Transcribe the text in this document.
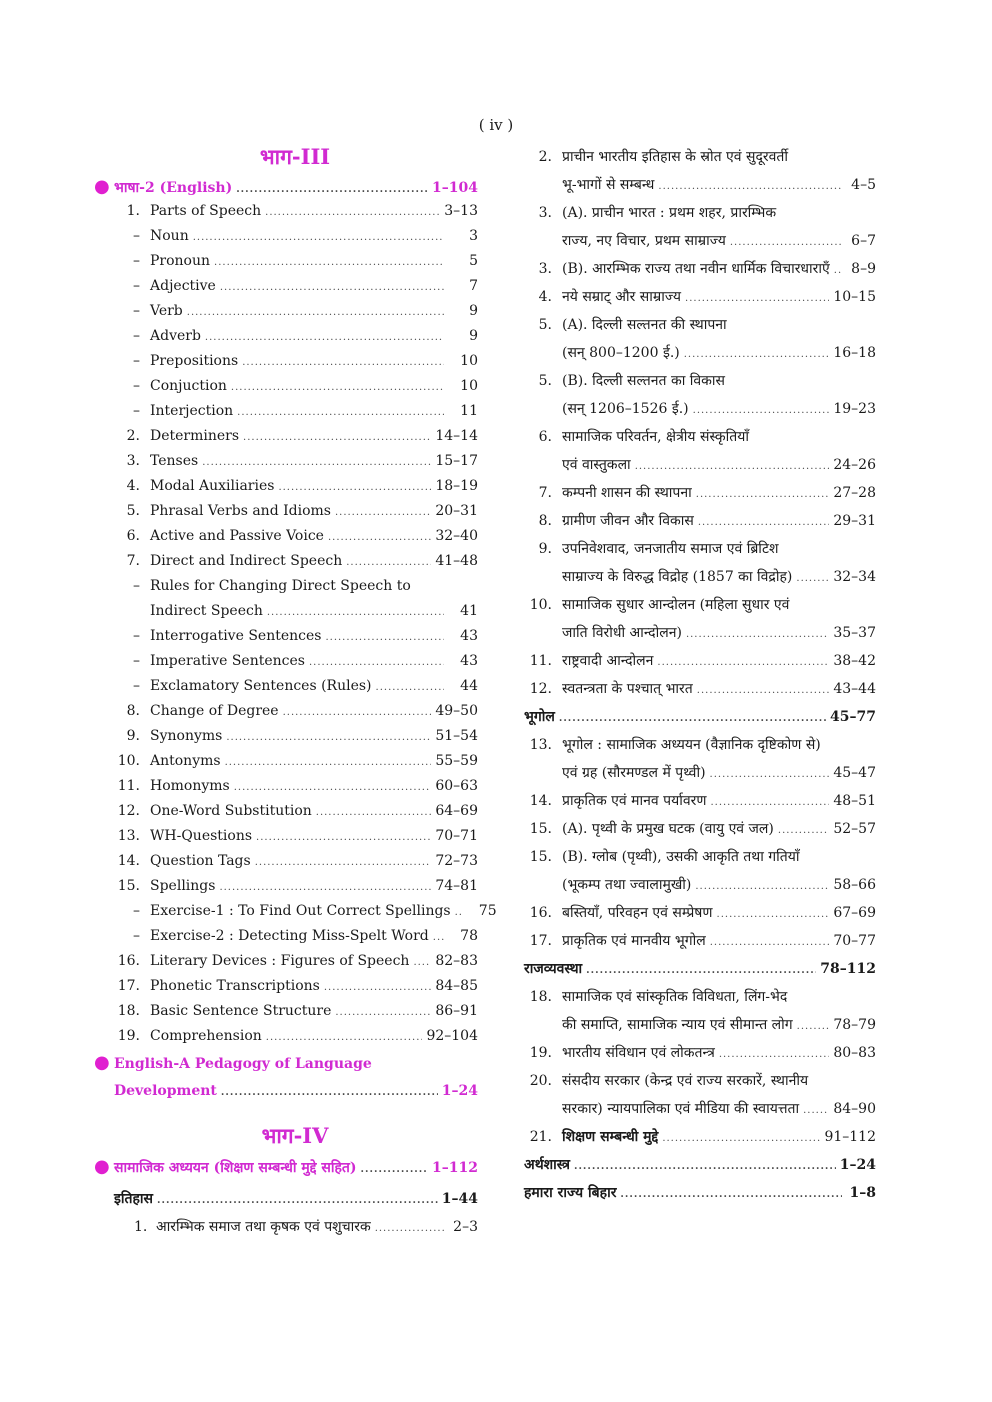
( iv )
भाग-III
● भाषा-2 (English) .....	1–104
1. Parts of Speech .....	3–13
– Noun .....	3
– Pronoun .....	5
– Adjective .....	7
– Verb .....	9
– Adverb .....	9
– Prepositions .....	10
– Conjuction .....	10
– Interjection .....	11
2. Determiners .....	14–14
3. Tenses .....	15–17
4. Modal Auxiliaries .....	18–19
5. Phrasal Verbs and Idioms .....	20–31
6. Active and Passive Voice .....	32–40
7. Direct and Indirect Speech .....	41–48
– Rules for Changing Direct Speech to
Indirect Speech .....	41
– Interrogative Sentences .....	43
– Imperative Sentences .....	43
– Exclamatory Sentences (Rules) .....	44
8. Change of Degree .....	49–50
9. Synonyms .....	51–54
10. Antonyms .....	55–59
11. Homonyms .....	60–63
12. One-Word Substitution .....	64–69
13. WH-Questions .....	70–71
14. Question Tags .....	72–73
15. Spellings .....	74–81
– Exercise-1 : To Find Out Correct Spellings .....	75
– Exercise-2 : Detecting Miss-Spelt Word .....	78
16. Literary Devices : Figures of Speech ..... 82–83
17. Phonetic Transcriptions .....	84–85
18. Basic Sentence Structure .....	86–91
19. Comprehension .....	92–104
● English-A Pedagogy of Language
Development .....	1–24
भाग-IV
● सामाजिक अध्ययन (शिक्षण सम्बन्धी मुद्दे सहित) .....	1–112
इतिहास .....	1–44
1. आरम्भिक समाज तथा कृषक एवं पशुचारक .....	2–3
2. प्राचीन भारतीय इतिहास के स्रोत एवं सुदूरवर्ती
भू-भागों से सम्बन्ध .....	4–5
3. (A). प्राचीन भारत : प्रथम शहर, प्रारम्भिक
राज्य, नए विचार, प्रथम साम्राज्य .....	6–7
3. (B). आरम्भिक राज्य तथा नवीन धार्मिक विचारधाराएँ .....	8–9
4. नये सम्राट् और साम्राज्य .....	10–15
5. (A). दिल्ली सल्तनत की स्थापना
(सन् 800–1200 ई.) .....	16–18
5. (B). दिल्ली सल्तनत का विकास
(सन् 1206–1526 ई.) .....	19–23
6. सामाजिक परिवर्तन, क्षेत्रीय संस्कृतियाँ
एवं वास्तुकला .....	24–26
7. कम्पनी शासन की स्थापना .....	27–28
8. ग्रामीण जीवन और विकास .....	29–31
9. उपनिवेशवाद, जनजातीय समाज एवं ब्रिटिश
साम्राज्य के विरुद्ध विद्रोह (1857 का विद्रोह) .....	32–34
10. सामाजिक सुधार आन्दोलन (महिला सुधार एवं
जाति विरोधी आन्दोलन) .....	35–37
11. राष्ट्रवादी आन्दोलन .....	38–42
12. स्वतन्त्रता के पश्चात् भारत .....	43–44
भूगोल .....	45–77
13. भूगोल : सामाजिक अध्ययन (वैज्ञानिक दृष्टिकोण से)
एवं ग्रह (सौरमण्डल में पृथ्वी) .....	45–47
14. प्राकृतिक एवं मानव पर्यावरण .....	48–51
15. (A). पृथ्वी के प्रमुख घटक (वायु एवं जल) .....	52–57
15. (B). ग्लोब (पृथ्वी), उसकी आकृति तथा गतियाँ
(भूकम्प तथा ज्वालामुखी) .....	58–66
16. बस्तियाँ, परिवहन एवं सम्प्रेषण .....	67–69
17. प्राकृतिक एवं मानवीय भूगोल .....	70–77
राजव्यवस्था .....	78–112
18. सामाजिक एवं सांस्कृतिक विविधता, लिंग-भेद
की समाप्ति, सामाजिक न्याय एवं सीमान्त लोग .....	78–79
19. भारतीय संविधान एवं लोकतन्त्र .....	80–83
20. संसदीय सरकार (केन्द्र एवं राज्य सरकारें, स्थानीय
सरकार) न्यायपालिका एवं मीडिया की स्वायत्तता ..... 84–90
21. शिक्षण सम्बन्धी मुद्दे .....	91–112
अर्थशास्त्र .....	1–24
हमारा राज्य बिहार .....	1–8
